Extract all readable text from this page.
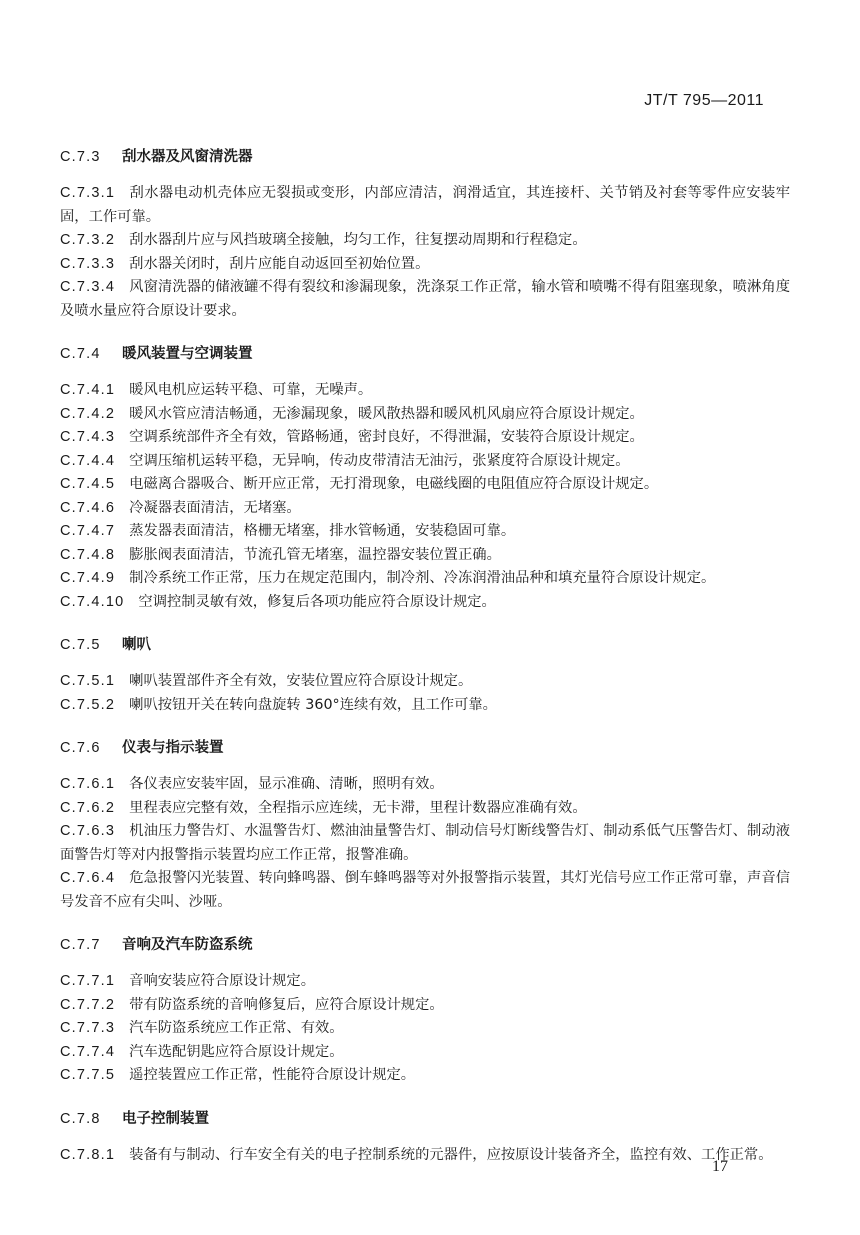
JT/T 795—2011
C.7.3 刮水器及风窗清洗器

C.7.3.1 刮水器电动机壳体应无裂损或变形，内部应清洁，润滑适宜，其连接杆、关节销及衬套等零件应安装牢固，工作可靠。

C.7.3.2 刮水器刮片应与风挡玻璃全接触，均匀工作，往复摆动周期和行程稳定。

C.7.3.3 刮水器关闭时，刮片应能自动返回至初始位置。

C.7.3.4 风窗清洗器的储液罐不得有裂纹和渗漏现象，洗涤泵工作正常，输水管和喷嘴不得有阻塞现象，喷淋角度及喷水量应符合原设计要求。

C.7.4 暖风装置与空调装置

C.7.4.1 暖风电机应运转平稳、可靠，无噪声。

C.7.4.2 暖风水管应清洁畅通，无渗漏现象，暖风散热器和暖风机风扇应符合原设计规定。

C.7.4.3 空调系统部件齐全有效，管路畅通，密封良好，不得泄漏，安装符合原设计规定。

C.7.4.4 空调压缩机运转平稳，无异响，传动皮带清洁无油污，张紧度符合原设计规定。

C.7.4.5 电磁离合器吸合、断开应正常，无打滑现象，电磁线圈的电阻值应符合原设计规定。

C.7.4.6 冷凝器表面清洁，无堵塞。

C.7.4.7 蒸发器表面清洁，格栅无堵塞，排水管畅通，安装稳固可靠。

C.7.4.8 膨胀阀表面清洁，节流孔管无堵塞，温控器安装位置正确。

C.7.4.9 制冷系统工作正常，压力在规定范围内，制冷剂、冷冻润滑油品种和填充量符合原设计规定。

C.7.4.10 空调控制灵敏有效，修复后各项功能应符合原设计规定。

C.7.5 喇叭

C.7.5.1 喇叭装置部件齐全有效，安装位置应符合原设计规定。

C.7.5.2 喇叭按钮开关在转向盘旋转 360°连续有效，且工作可靠。

C.7.6 仪表与指示装置

C.7.6.1 各仪表应安装牢固，显示准确、清晰，照明有效。

C.7.6.2 里程表应完整有效，全程指示应连续，无卡滞，里程计数器应准确有效。

C.7.6.3 机油压力警告灯、水温警告灯、燃油油量警告灯、制动信号灯断线警告灯、制动系低气压警告灯、制动液面警告灯等对内报警指示装置均应工作正常，报警准确。

C.7.6.4 危急报警闪光装置、转向蜂鸣器、倒车蜂鸣器等对外报警指示装置，其灯光信号应工作正常可靠，声音信号发音不应有尖叫、沙哑。

C.7.7 音响及汽车防盗系统

C.7.7.1 音响安装应符合原设计规定。

C.7.7.2 带有防盗系统的音响修复后，应符合原设计规定。

C.7.7.3 汽车防盗系统应工作正常、有效。

C.7.7.4 汽车选配钥匙应符合原设计规定。

C.7.7.5 遥控装置应工作正常，性能符合原设计规定。

C.7.8 电子控制装置

C.7.8.1 装备有与制动、行车安全有关的电子控制系统的元器件，应按原设计装备齐全，监控有效、工作正常。

17
